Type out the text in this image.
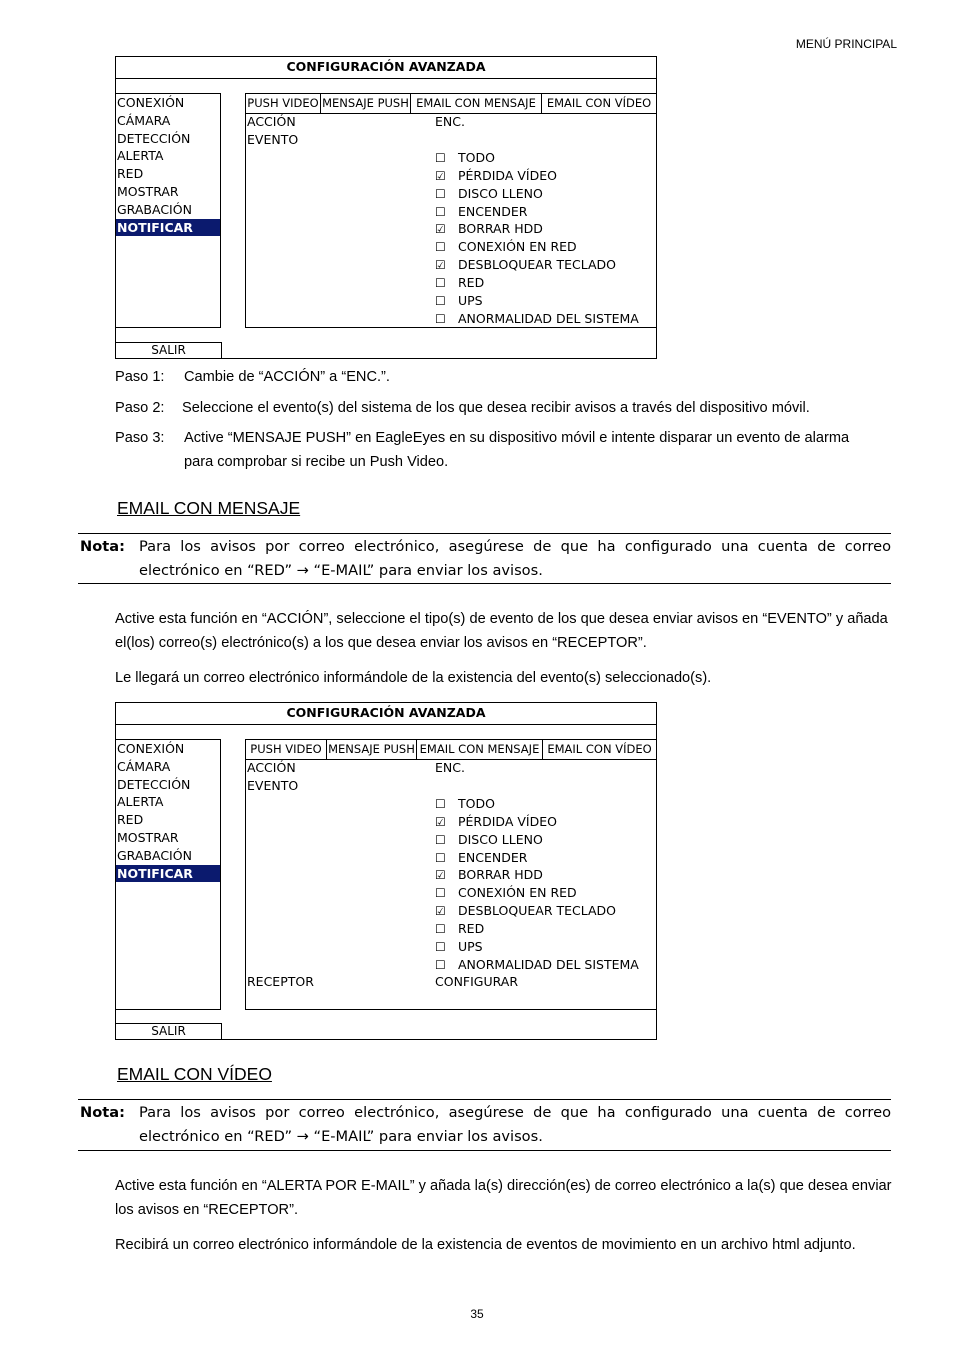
MENÚ PRINCIPAL
CONFIGURACIÓN AVANZADA
CONEXIÓN
CÁMARA
DETECCIÓN
ALERTA
RED
MOSTRAR
GRABACIÓN
NOTIFICAR
PUSH VIDEO MENSAJE PUSH EMAIL CON MENSAJE EMAIL CON VÍDEO
ACCIÓN	ENC.
EVENTO
☐ TODO
☑ PÉRDIDA VÍDEO
☐ DISCO LLENO
☐ ENCENDER
☑ BORRAR HDD
☐ CONEXIÓN EN RED
☑ DESBLOQUEAR TECLADO
☐ RED
☐ UPS
☐ ANORMALIDAD DEL SISTEMA
SALIR
Paso 1: Cambie de “ACCIÓN” a “ENC.”.
Paso 2: Seleccione el evento(s) del sistema de los que desea recibir avisos a través del dispositivo móvil.
Paso 3: Active “MENSAJE PUSH” en EagleEyes en su dispositivo móvil e intente disparar un evento de alarma para comprobar si recibe un Push Video.
EMAIL CON MENSAJE
Nota: Para los avisos por correo electrónico, asegúrese de que ha configurado una cuenta de correo electrónico en “RED” → “E-MAIL” para enviar los avisos.
Active esta función en “ACCIÓN”, seleccione el tipo(s) de evento de los que desea enviar avisos en “EVENTO” y añada el(los) correo(s) electrónico(s) a los que desea enviar los avisos en “RECEPTOR”.
Le llegará un correo electrónico informándole de la existencia del evento(s) seleccionado(s).
CONFIGURACIÓN AVANZADA
CONEXIÓN
CÁMARA
DETECCIÓN
ALERTA
RED
MOSTRAR
GRABACIÓN
NOTIFICAR
PUSH VIDEO MENSAJE PUSH EMAIL CON MENSAJE EMAIL CON VÍDEO
ACCIÓN	ENC.
EVENTO
☐ TODO
☑ PÉRDIDA VÍDEO
☐ DISCO LLENO
☐ ENCENDER
☑ BORRAR HDD
☐ CONEXIÓN EN RED
☑ DESBLOQUEAR TECLADO
☐ RED
☐ UPS
☐ ANORMALIDAD DEL SISTEMA
RECEPTOR	CONFIGURAR
SALIR
EMAIL CON VÍDEO
Nota: Para los avisos por correo electrónico, asegúrese de que ha configurado una cuenta de correo electrónico en “RED” → “E-MAIL” para enviar los avisos.
Active esta función en “ALERTA POR E-MAIL” y añada la(s) dirección(es) de correo electrónico a la(s) que desea enviar los avisos en “RECEPTOR”.
Recibirá un correo electrónico informándole de la existencia de eventos de movimiento en un archivo html adjunto.
35
